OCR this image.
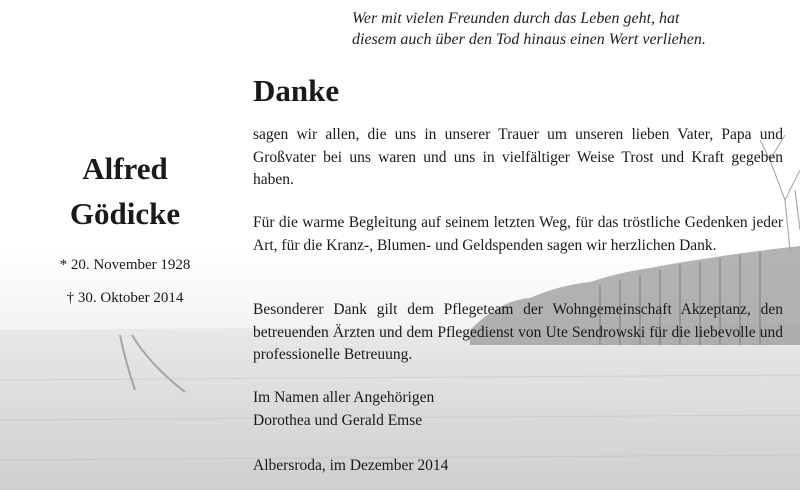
Wer mit vielen Freunden durch das Leben geht, hat
diesem auch über den Tod hinaus einen Wert verliehen.
Alfred
Gödicke
* 20. November 1928
† 30. Oktober 2014
Danke
sagen wir allen, die uns in unserer Trauer um unseren lieben Vater, Papa und Großvater bei uns waren und uns in vielfältiger Weise Trost und Kraft gegeben haben.
Für die warme Begleitung auf seinem letzten Weg, für das tröstliche Gedenken jeder Art, für die Kranz-, Blumen- und Geldspenden sagen wir herzlichen Dank.
Besonderer Dank gilt dem Pflegeteam der Wohngemeinschaft Akzeptanz, den betreuenden Ärzten und dem Pflegedienst von Ute Sendrowski für die liebevolle und professionelle Betreuung.
Im Namen aller Angehörigen
Dorothea und Gerald Emse
Albersroda, im Dezember 2014
